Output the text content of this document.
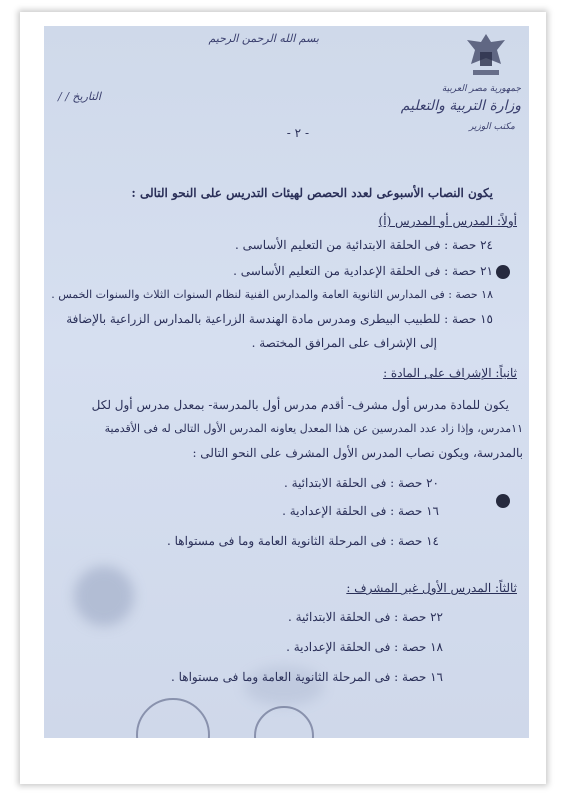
بسم الله الرحمن الرحيم
جمهورية مصر العربية
وزارة التربية والتعليم
مكتب الوزير
التاريخ / /
- ٢ -
يكون النصاب الأسبوعى لعدد الحصص لهيئات التدريس على النحو التالى :
أولاً: المدرس أو المدرس (أ)
٢٤ حصة : فى الحلقة الابتدائية من التعليم الأساسى .
٢١ حصة : فى الحلقة الإعدادية من التعليم الأساسى .
١٨ حصة : فى المدارس الثانوية العامة والمدارس الفنية لنظام السنوات الثلاث والسنوات الخمس .
١٥ حصة : للطبيب البيطرى ومدرس مادة الهندسة الزراعية بالمدارس الزراعية بالإضافة
إلى الإشراف على المرافق المختصة .
ثانياً: الإشراف على المادة :
يكون للمادة مدرس أول مشرف- أقدم مدرس أول بالمدرسة- بمعدل مدرس أول لكل
١١مدرس، وإذا زاد عدد المدرسين عن هذا المعدل يعاونه المدرس الأول التالى له فى الأقدمية
بالمدرسة، ويكون نصاب المدرس الأول المشرف على النحو التالى :
٢٠ حصة : فى الحلقة الابتدائية .
١٦ حصة : فى الحلقة الإعدادية .
١٤ حصة : فى المرحلة الثانوية العامة وما فى مستواها .
ثالثاً: المدرس الأول غير المشرف :
٢٢ حصة : فى الحلقة الابتدائية .
١٨ حصة : فى الحلقة الإعدادية .
١٦ حصة : فى المرحلة الثانوية العامة وما فى مستواها .
